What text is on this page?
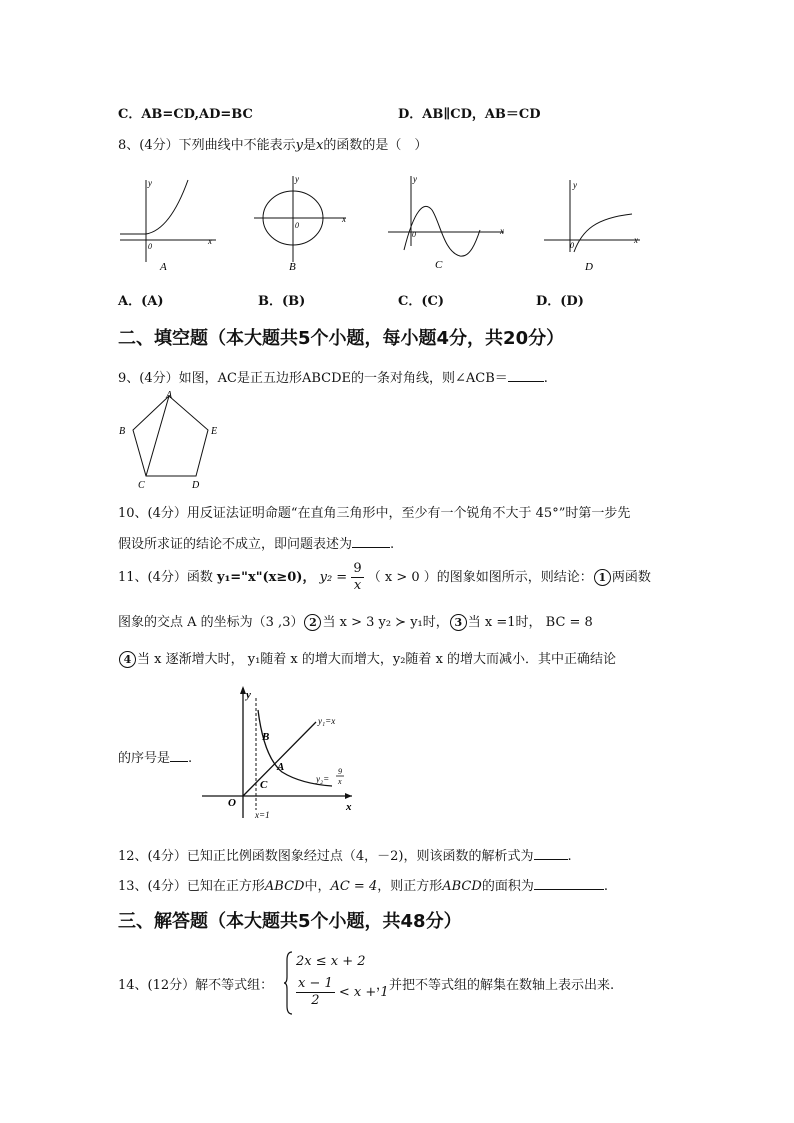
C．AB=CD,AD=BC	D．AB∥CD，AB＝CD
8、(4分）下列曲线中不能表示y是x的函数的是（　）
x
y
0
A
x
y
0
B
x
y
0
C
x
y
0
D
A．(A)	B．(B)	C．(C)	D．(D)
二、填空题（本大题共5个小题，每小题4分，共20分）
9、(4分）如图，AC是正五边形ABCDE的一条对角线，则∠ACB＝	.
A
B
C	D
E
10、(4分）用反证法证明命题“在直角三角形中，至少有一个锐角不大于 45°”时第一步先
假设所求证的结论不成立，即问题表述为	.
11、(4分）函数 y₁="x"(x≥0)， $y_2 = \frac{9}{x}$ （ x > 0 ）的图象如图所示，则结论： 1 两函数
图象的交点 A 的坐标为（3 ,3） 2 当 x > 3 y₂ ≻ y₁时， 3 当 x =1时， BC = 8
4 当 x 逐渐增大时， y₁随着 x 的增大而增大，y₂随着 x 的增大而减小．其中正确结论
x
y
O
B
A
C
y₁=x
y₂=
9
x
x=1
的序号是 .
12、(4分）已知正比例函数图象经过点（4，－2)，则该函数的解析式为	.
13、(4分）已知在正方形ABCD中，AC = 4，则正方形ABCD的面积为	.
三、解答题（本大题共5个小题，共48分）
14、(12分）解不等式组：
2x ≤ x + 2
$\frac{x - 1}{2} < x + 1$
，并把不等式组的解集在数轴上表示出来.
